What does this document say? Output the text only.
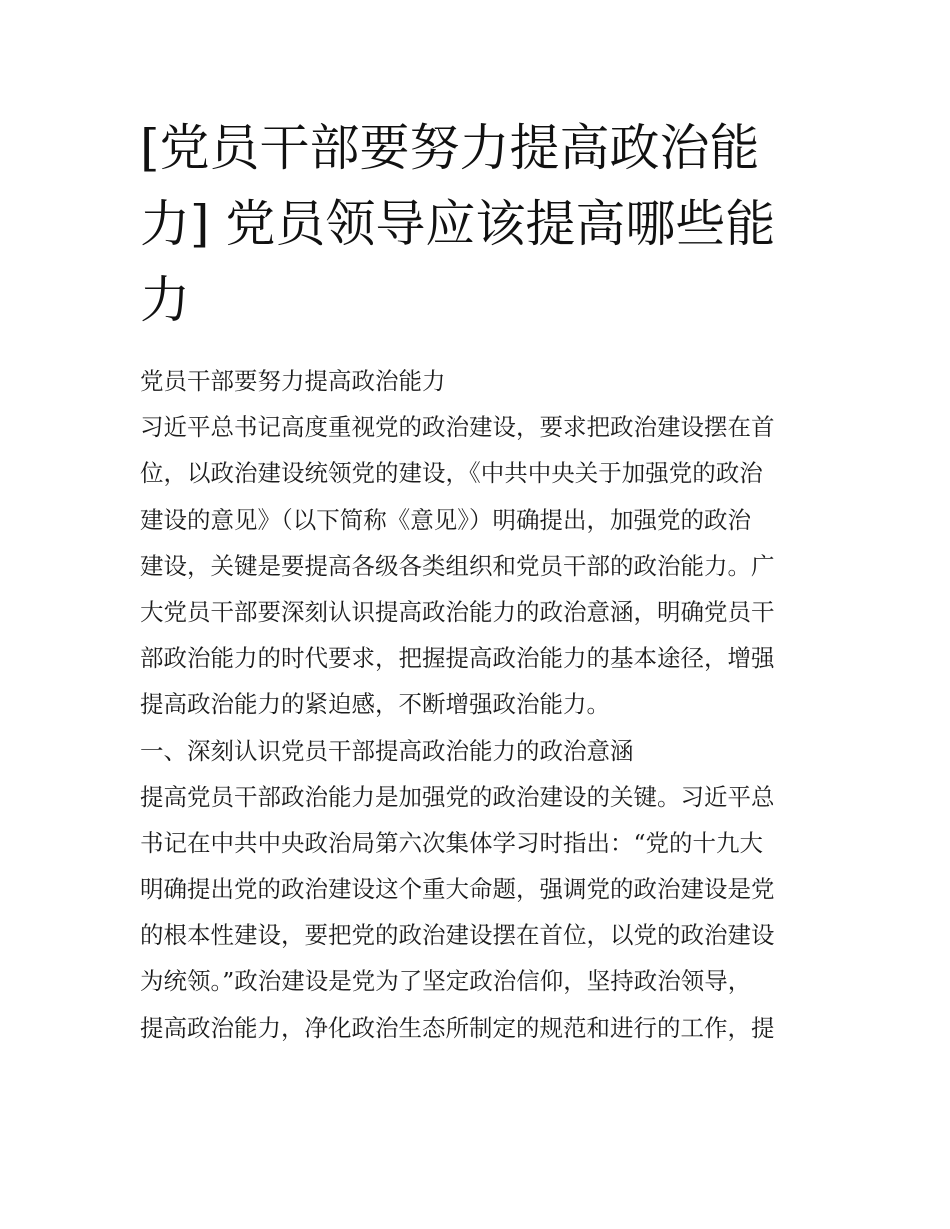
[党员干部要努力提高政治能
力] 党员领导应该提高哪些能
力
党员干部要努力提高政治能力
习近平总书记高度重视党的政治建设，要求把政治建设摆在首
位，以政治建设统领党的建设，《中共中央关于加强党的政治
建设的意见》（以下简称《意见》）明确提出，加强党的政治
建设，关键是要提高各级各类组织和党员干部的政治能力。广
大党员干部要深刻认识提高政治能力的政治意涵，明确党员干
部政治能力的时代要求，把握提高政治能力的基本途径，增强
提高政治能力的紧迫感，不断增强政治能力。
一、深刻认识党员干部提高政治能力的政治意涵
提高党员干部政治能力是加强党的政治建设的关键。习近平总
书记在中共中央政治局第六次集体学习时指出：“党的十九大
明确提出党的政治建设这个重大命题，强调党的政治建设是党
的根本性建设，要把党的政治建设摆在首位，以党的政治建设
为统领。”政治建设是党为了坚定政治信仰，坚持政治领导，
提高政治能力，净化政治生态所制定的规范和进行的工作，提
